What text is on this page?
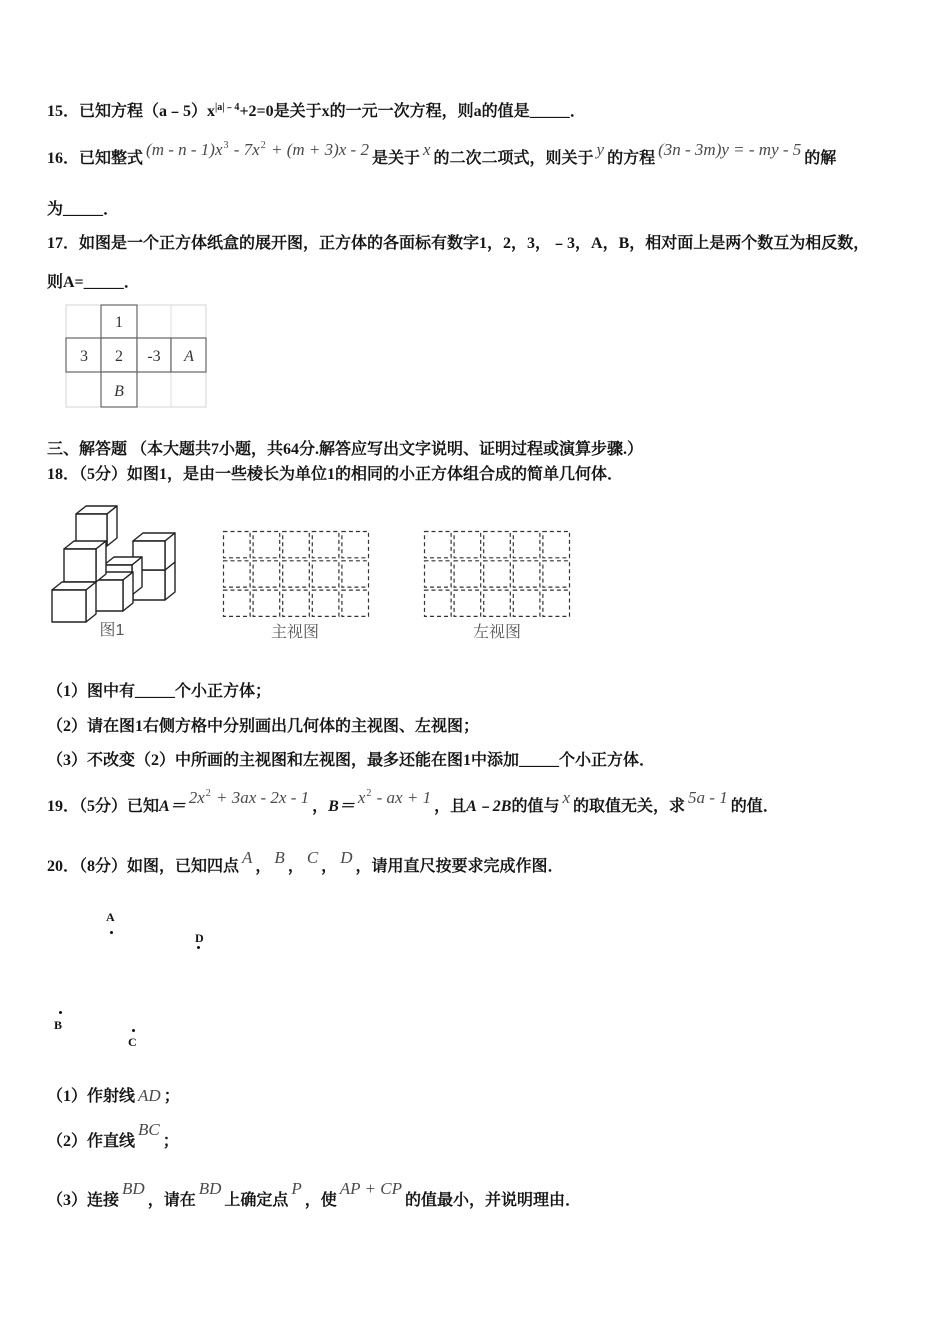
15．已知方程$(a﹣5)x^{|a|﹣4}+2=0$是关于x的一元一次方程，则a的值是_____．
16．已知整式 $(m - n - 1)x^3 - 7x^2 + (m + 3)x - 2$ 是关于 x 的二次二项式，则关于 y 的方程 (3n - 3m)y = - my - 5 的解
为_____．
17．如图是一个正方体纸盒的展开图，正方体的各面标有数字1，2，3，﹣3，A，B，相对面上是两个数互为相反数，
则A=_____．
1
3 2 -3 A
B
三、解答题 （本大题共7小题，共64分.解答应写出文字说明、证明过程或演算步骤.）
18．（5分）如图1，是由一些棱长为单位1的相同的小正方体组合成的简单几何体．
图1	主视图	左视图
（1）图中有_____个小正方体；
（2）请在图1右侧方格中分别画出几何体的主视图、左视图；
（3）不改变（2）中所画的主视图和左视图，最多还能在图1中添加_____个小正方体．
19．（5分）已知$A= 2x^2 + 3ax - 2x - 1$ ，$B= x^2$ - ax + 1 ，且A﹣2B的值与 x 的取值无关，求 5a - 1 的值．
20．（8分）如图，已知四点 A ， B ， C ， D ，请用直尺按要求完成作图．
A
D
B
C
（1）作射线 AD ；
（2）作直线BC；
（3）连接BD，请在BD上确定点P，使AP + CP的值最小，并说明理由．
